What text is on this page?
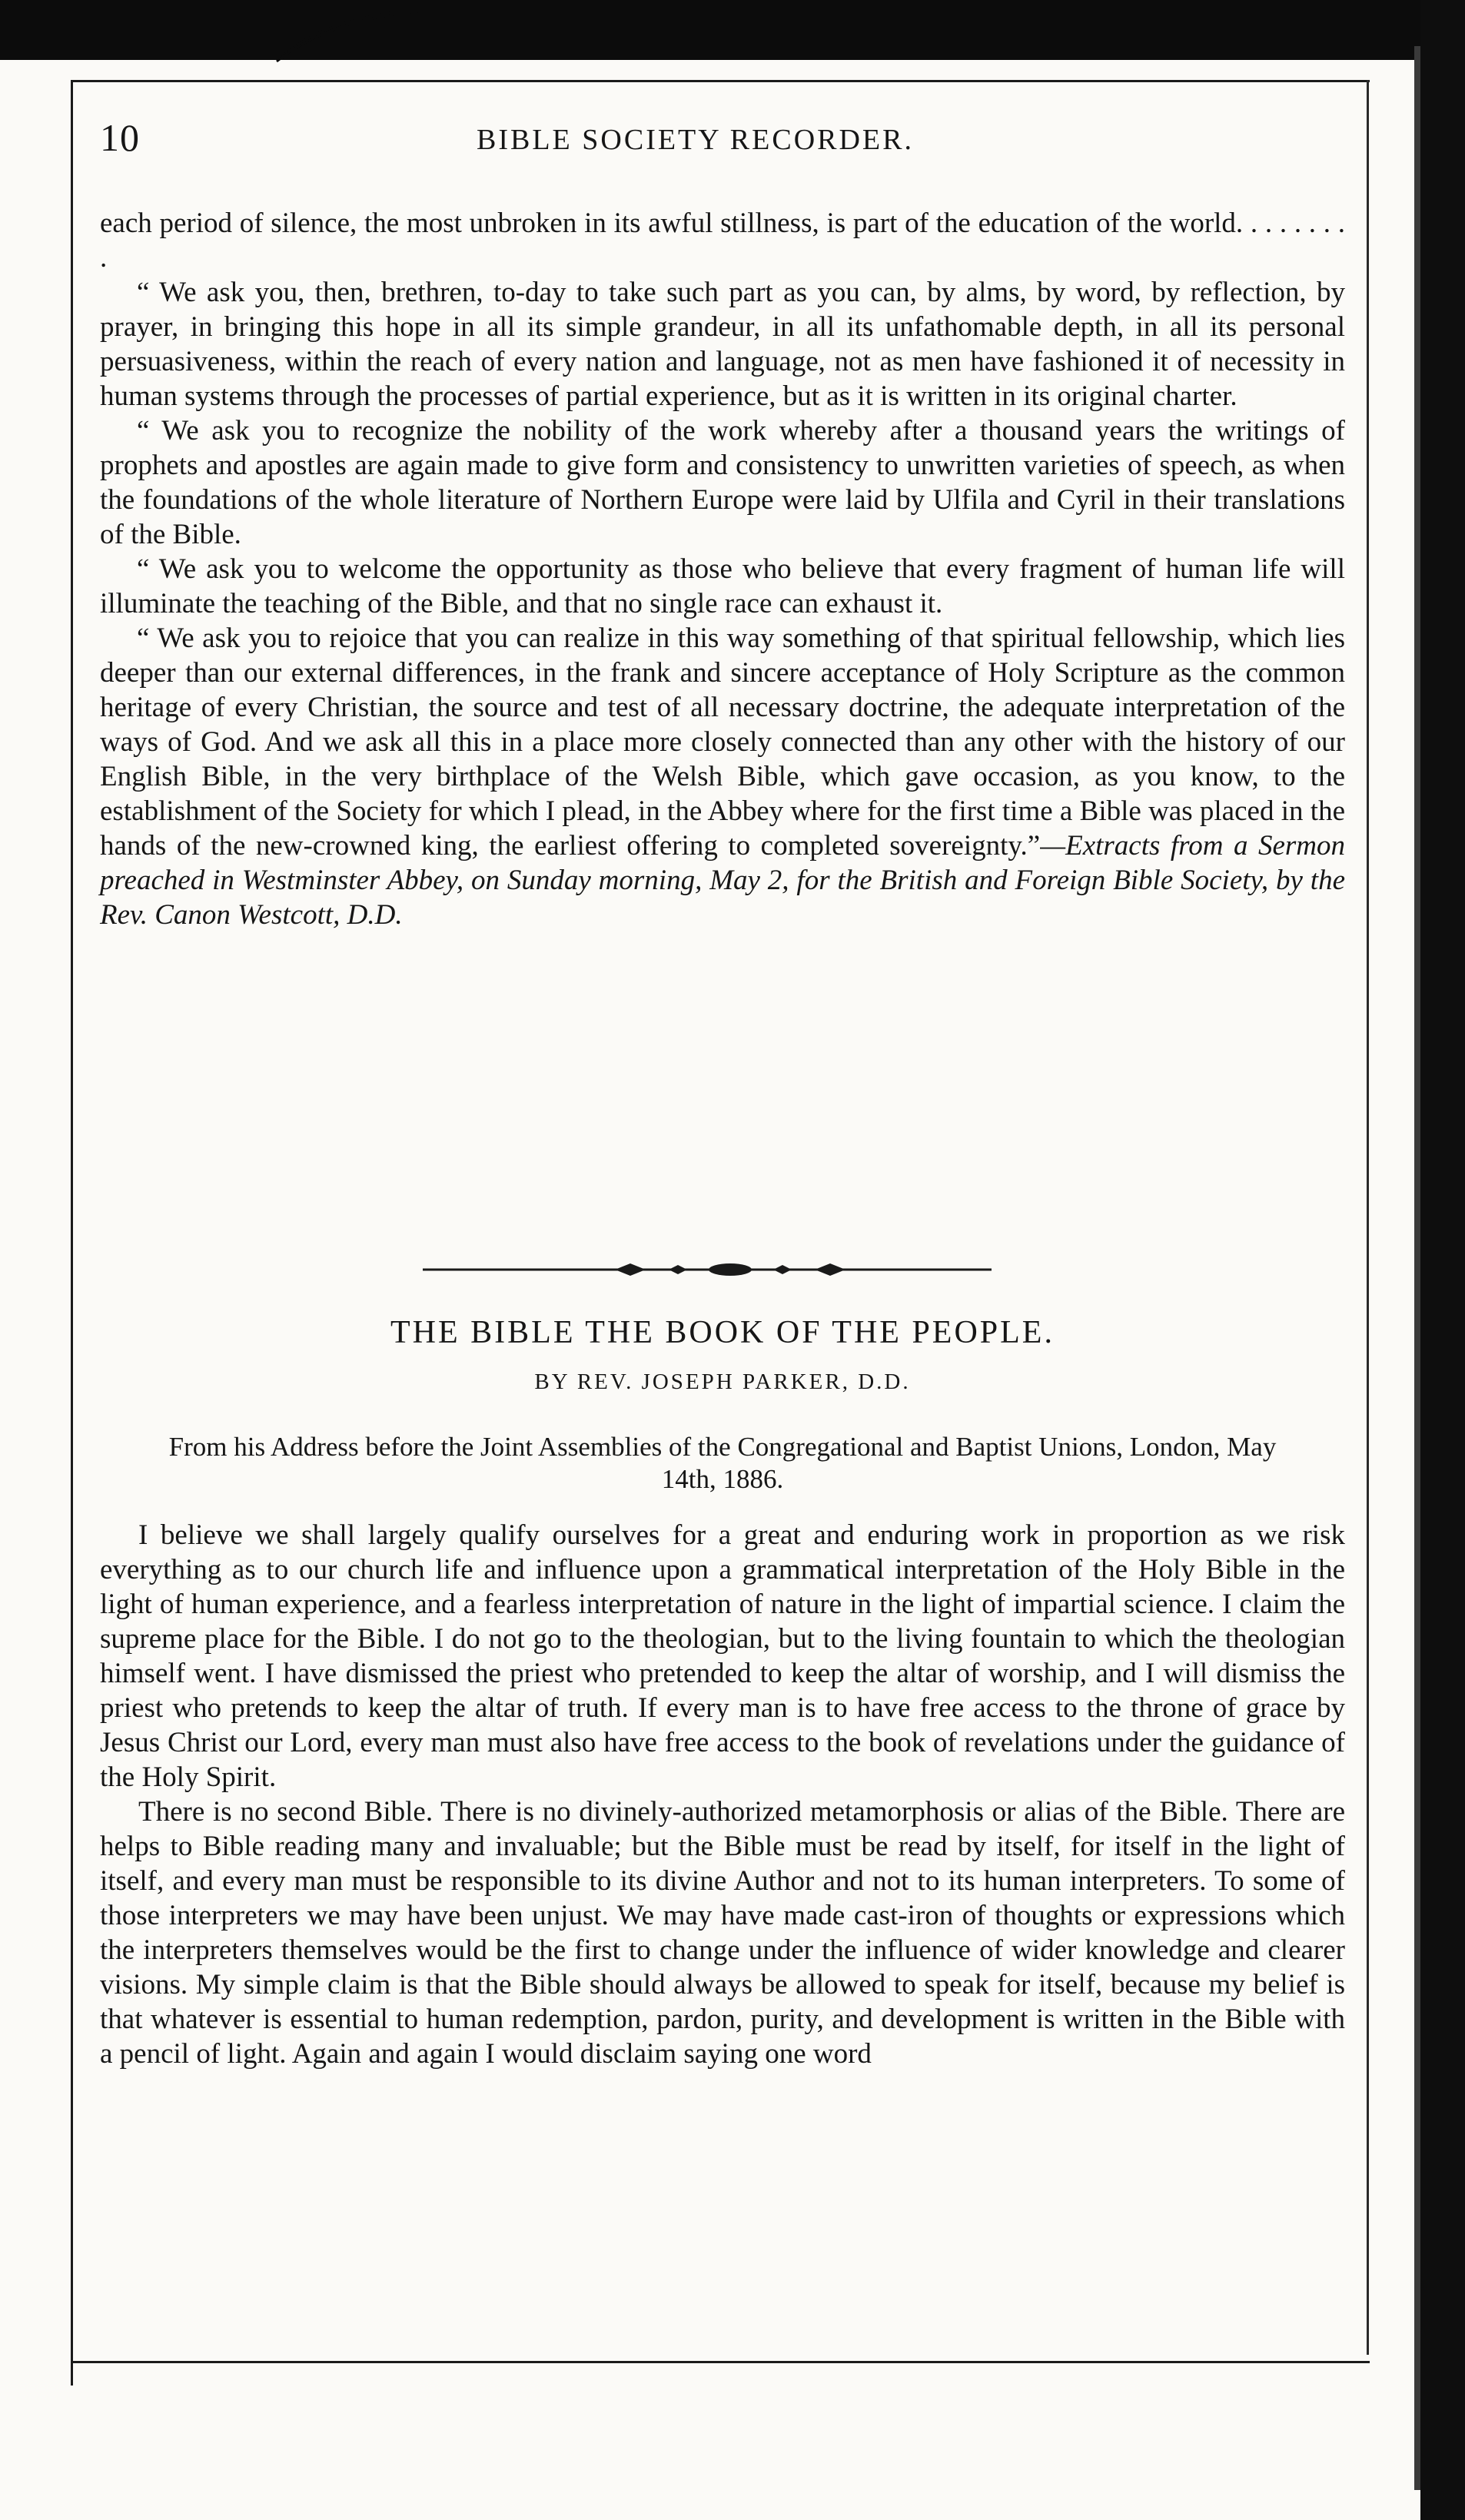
10	BIBLE SOCIETY RECORDER.

each period of silence, the most unbroken in its awful stillness, is part of the education of the world. . . . . . . . .

“ We ask you, then, brethren, to-day to take such part as you can, by alms, by word, by reflection, by prayer, in bringing this hope in all its simple grandeur, in all its unfathomable depth, in all its personal persuasiveness, within the reach of every nation and language, not as men have fashioned it of necessity in human systems through the processes of partial experience, but as it is written in its original charter.

“ We ask you to recognize the nobility of the work whereby after a thousand years the writings of prophets and apostles are again made to give form and consistency to unwritten varieties of speech, as when the foundations of the whole literature of Northern Europe were laid by Ulfila and Cyril in their translations of the Bible.

“ We ask you to welcome the opportunity as those who believe that every fragment of human life will illuminate the teaching of the Bible, and that no single race can exhaust it.

“ We ask you to rejoice that you can realize in this way something of that spiritual fellowship, which lies deeper than our external differences, in the frank and sincere acceptance of Holy Scripture as the common heritage of every Christian, the source and test of all necessary doctrine, the adequate interpretation of the ways of God. And we ask all this in a place more closely connected than any other with the history of our English Bible, in the very birthplace of the Welsh Bible, which gave occasion, as you know, to the establishment of the Society for which I plead, in the Abbey where for the first time a Bible was placed in the hands of the new-crowned king, the earliest offering to completed sovereignty.”—Extracts from a Sermon preached in Westminster Abbey, on Sunday morning, May 2, for the British and Foreign Bible Society, by the Rev. Canon Westcott, D.D.

THE BIBLE THE BOOK OF THE PEOPLE.
BY REV. JOSEPH PARKER, D.D.
From his Address before the Joint Assemblies of the Congregational and Baptist Unions, London, May 14th, 1886.

I believe we shall largely qualify ourselves for a great and enduring work in proportion as we risk everything as to our church life and influence upon a grammatical interpretation of the Holy Bible in the light of human experience, and a fearless interpretation of nature in the light of impartial science. I claim the supreme place for the Bible. I do not go to the theologian, but to the living fountain to which the theologian himself went. I have dismissed the priest who pretended to keep the altar of worship, and I will dismiss the priest who pretends to keep the altar of truth. If every man is to have free access to the throne of grace by Jesus Christ our Lord, every man must also have free access to the book of revelations under the guidance of the Holy Spirit.

There is no second Bible. There is no divinely-authorized metamorphosis or alias of the Bible. There are helps to Bible reading many and invaluable; but the Bible must be read by itself, for itself in the light of itself, and every man must be responsible to its divine Author and not to its human interpreters. To some of those interpreters we may have been unjust. We may have made cast-iron of thoughts or expressions which the interpreters themselves would be the first to change under the influence of wider knowledge and clearer visions. My simple claim is that the Bible should always be allowed to speak for itself, because my belief is that whatever is essential to human redemption, pardon, purity, and development is written in the Bible with a pencil of light. Again and again I would disclaim saying one word
